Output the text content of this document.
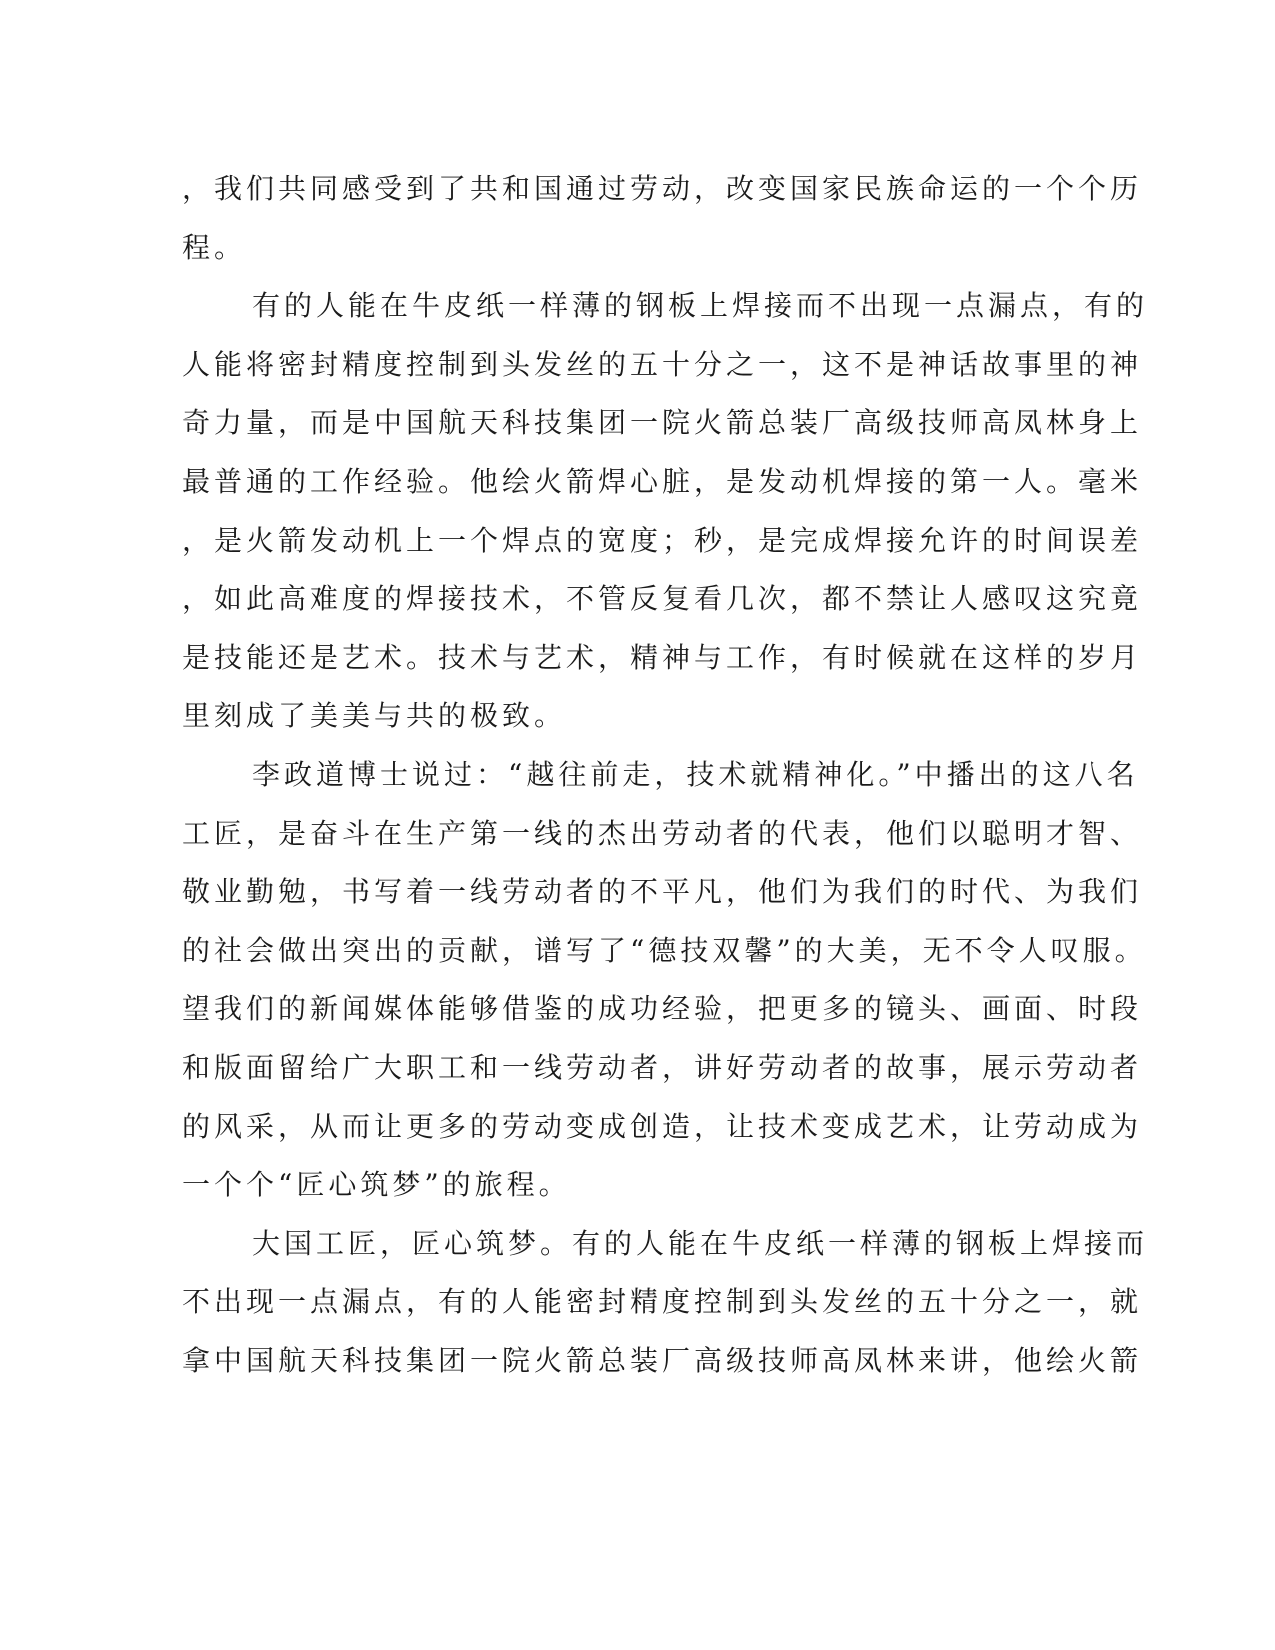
，我们共同感受到了共和国通过劳动，改变国家民族命运的一个个历
程。
有的人能在牛皮纸一样薄的钢板上焊接而不出现一点漏点，有的
人能将密封精度控制到头发丝的五十分之一，这不是神话故事里的神
奇力量，而是中国航天科技集团一院火箭总装厂高级技师高凤林身上
最普通的工作经验。他绘火箭焊心脏，是发动机焊接的第一人。毫米
，是火箭发动机上一个焊点的宽度；秒，是完成焊接允许的时间误差
，如此高难度的焊接技术，不管反复看几次，都不禁让人感叹这究竟
是技能还是艺术。技术与艺术，精神与工作，有时候就在这样的岁月
里刻成了美美与共的极致。
李政道博士说过：“越往前走，技术就精神化。”中播出的这八名
工匠，是奋斗在生产第一线的杰出劳动者的代表，他们以聪明才智、
敬业勤勉，书写着一线劳动者的不平凡，他们为我们的时代、为我们
的社会做出突出的贡献，谱写了“德技双馨”的大美，无不令人叹服。
望我们的新闻媒体能够借鉴的成功经验，把更多的镜头、画面、时段
和版面留给广大职工和一线劳动者，讲好劳动者的故事，展示劳动者
的风采，从而让更多的劳动变成创造，让技术变成艺术，让劳动成为
一个个“匠心筑梦”的旅程。
大国工匠，匠心筑梦。有的人能在牛皮纸一样薄的钢板上焊接而
不出现一点漏点，有的人能密封精度控制到头发丝的五十分之一，就
拿中国航天科技集团一院火箭总装厂高级技师高凤林来讲，他绘火箭
